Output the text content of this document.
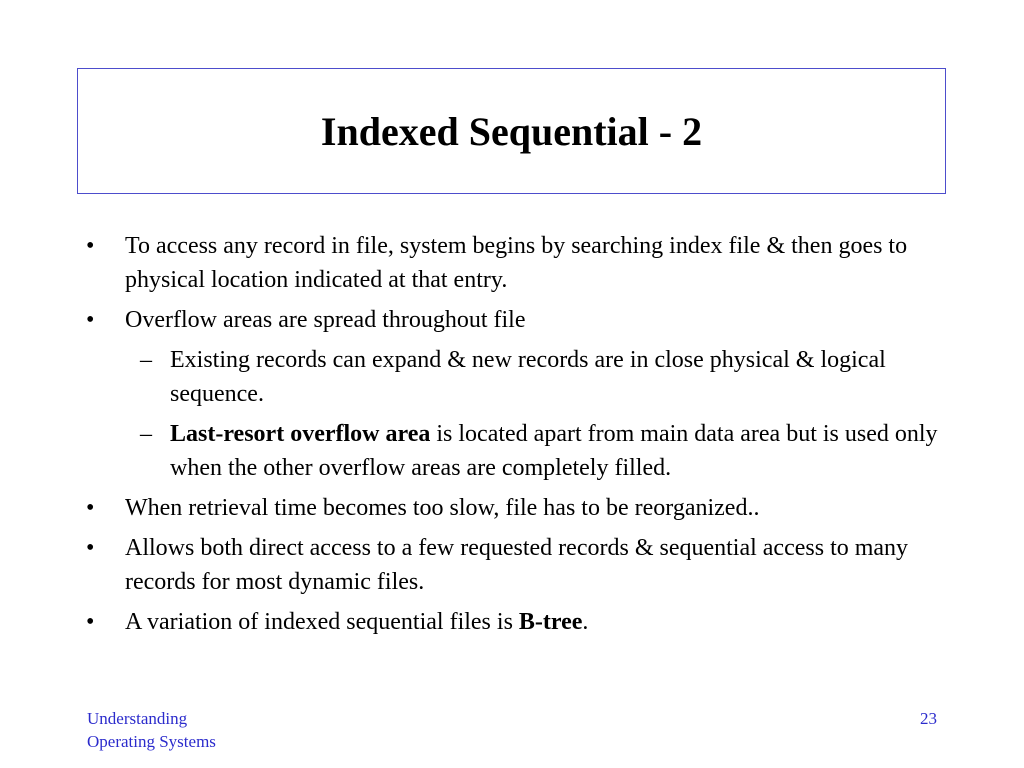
Indexed Sequential - 2
• To access any record in file, system begins by searching index file & then goes to physical location indicated at that entry.
• Overflow areas are spread throughout file
– Existing records can expand & new records are in close physical & logical sequence.
– Last-resort overflow area is located apart from main data area but is used only when the other overflow areas are completely filled.
• When retrieval time becomes too slow, file has to be reorganized..
• Allows both direct access to a few requested records & sequential access to many records for most dynamic files.
• A variation of indexed sequential files is B-tree.
Understanding
Operating Systems
23
